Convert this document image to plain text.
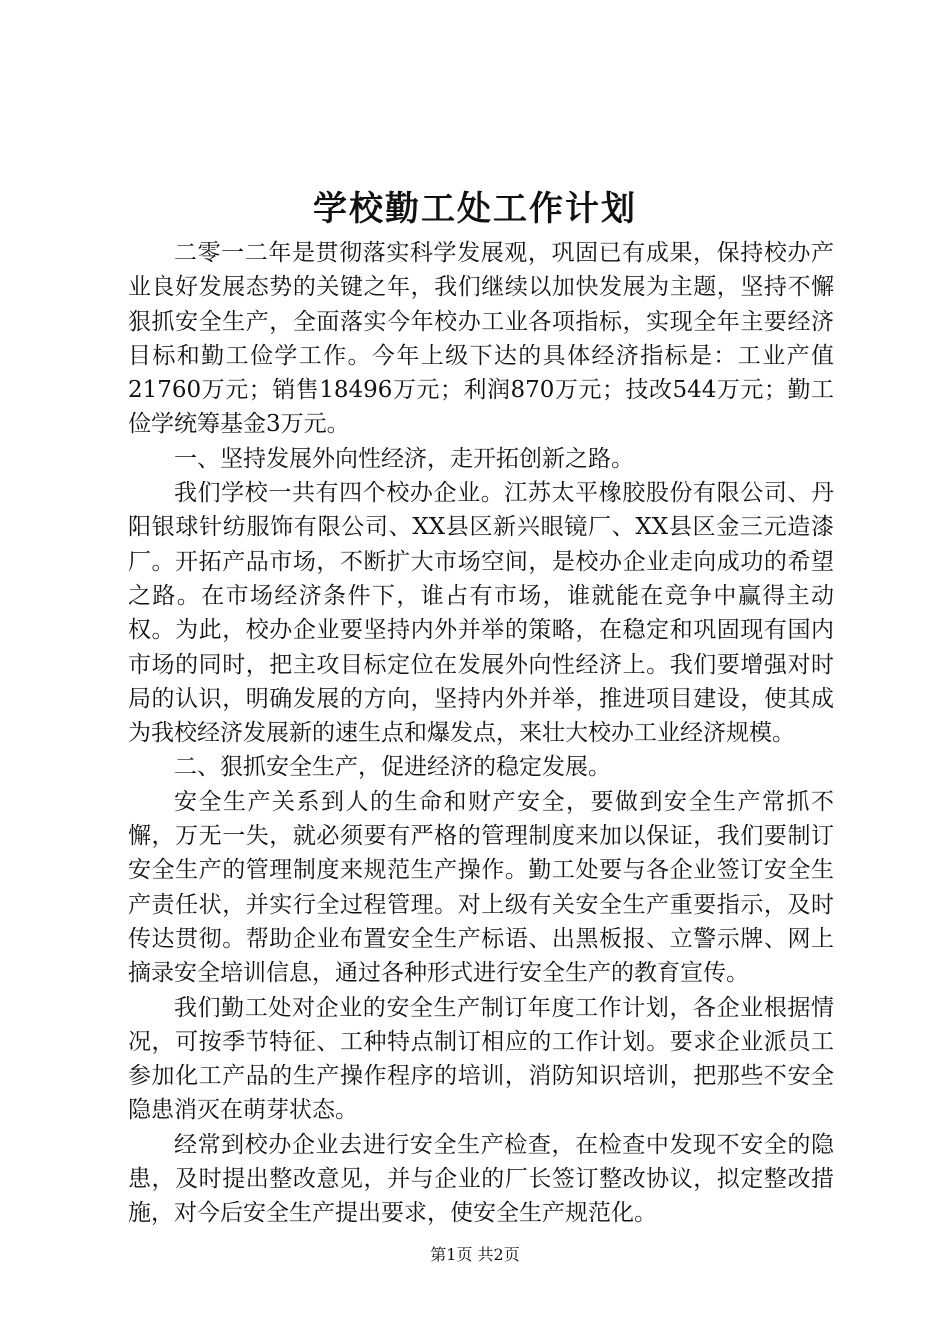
学校勤工处工作计划

二零一二年是贯彻落实科学发展观，巩固已有成果，保持校办产业良好发展态势的关键之年，我们继续以加快发展为主题，坚持不懈狠抓安全生产，全面落实今年校办工业各项指标，实现全年主要经济目标和勤工俭学工作。今年上级下达的具体经济指标是：工业产值21760万元；销售18496万元；利润870万元；技改544万元；勤工俭学统筹基金3万元。

一、坚持发展外向性经济，走开拓创新之路。

我们学校一共有四个校办企业。江苏太平橡胶股份有限公司、丹阳银球针纺服饰有限公司、XX县区新兴眼镜厂、XX县区金三元造漆厂。开拓产品市场，不断扩大市场空间，是校办企业走向成功的希望之路。在市场经济条件下，谁占有市场，谁就能在竞争中赢得主动权。为此，校办企业要坚持内外并举的策略，在稳定和巩固现有国内市场的同时，把主攻目标定位在发展外向性经济上。我们要增强对时局的认识，明确发展的方向，坚持内外并举，推进项目建设，使其成为我校经济发展新的速生点和爆发点，来壮大校办工业经济规模。

二、狠抓安全生产，促进经济的稳定发展。

安全生产关系到人的生命和财产安全，要做到安全生产常抓不懈，万无一失，就必须要有严格的管理制度来加以保证，我们要制订安全生产的管理制度来规范生产操作。勤工处要与各企业签订安全生产责任状，并实行全过程管理。对上级有关安全生产重要指示，及时传达贯彻。帮助企业布置安全生产标语、出黑板报、立警示牌、网上摘录安全培训信息，通过各种形式进行安全生产的教育宣传。

我们勤工处对企业的安全生产制订年度工作计划，各企业根据情况，可按季节特征、工种特点制订相应的工作计划。要求企业派员工参加化工产品的生产操作程序的培训，消防知识培训，把那些不安全隐患消灭在萌芽状态。

经常到校办企业去进行安全生产检查，在检查中发现不安全的隐患，及时提出整改意见，并与企业的厂长签订整改协议，拟定整改措施，对今后安全生产提出要求，使安全生产规范化。

第1页 共2页
